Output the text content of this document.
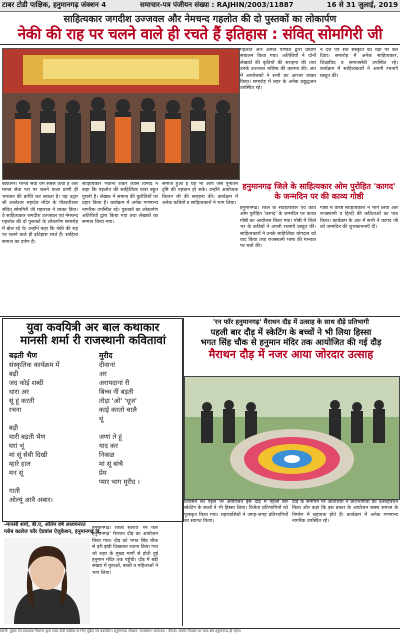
टाबर टोडी पाक्षिक, हनुमानगढ़ जंक्शन 4	समाचार-पत्र पंजीयन संख्या : RAJHIN/2003/11887	16 से 31 जुलाई, 2019
साहित्यकार जगदीश उज्जवल और नेमचन्द गहलोत की दो पुस्तकों का लोकार्पण
नेकी की राह पर चलने वाले ही रचते हैं इतिहास : संवित् सोमगिरी जी
गहलोत और अमित पण्डित द्वारा प्रोग्राम संचालन किया गया। अतिथियों ने दोनों लेखकों की कृतियों की सराहना की तथा उनके उज्ज्वल भविष्य की कामना की। अंत में आयोजकों ने सभी का आभार व्यक्त किया। समारोह में शहर के अनेक प्रबुद्धजन उपस्थित रहे।
ने देश एवं संत संस्कृति की रक्षा पर बल दिया। समारोह में अनेक साहित्यकार, शिक्षाविद व समाजसेवी उपस्थित रहे। कार्यक्रम में साहित्यकारों ने अपनी रचनाएँ प्रस्तुत कीं।
बीकानेर। मानव सेवा धर्म सबसे ऊँचा है और मानव सेवा पथ पर चलने वाला प्राणी ही भगवान की प्राप्ति कर सकता है। यह उद्गार श्री लालेश्वर महादेव मंदिर के पीठाधीश्वर संवित् सोमगिरी जी महाराज ने व्यक्त किए। वे साहित्यकार जगदीश उज्जवल एवं नेमचन्द गहलोत की दो पुस्तकों के लोकार्पण समारोह में बोल रहे थे। उन्होंने कहा कि नेकी की राह पर चलने वाले ही इतिहास रचते हैं। साहित्य समाज का दर्पण है।
साहित्यकार भवानी शंकर व्यास विनोद ने कहा कि पहलोत की साहित्यिक यात्रा बहुत पुरानी है। लेखक ने समाज की कुरीतियों पर प्रहार किया है। कार्यक्रम में अनेक गणमान्य नागरिक उपस्थित रहे। पुस्तकों का लोकार्पण अतिथियों द्वारा किया गया तथा लेखकों का सम्मान किया गया।
समाज हुआ है यह भी आप जैसे पुनीतम दृष्टि की पहचान हो सके। उन्होंने आयोजक किशन जी की सराहना की। कार्यक्रम में अनेक कवियों व साहित्यकारों ने भाग लिया।
हनुमानगढ़ जिले के साहित्यकार ओम पुरोहित 'कागद' के जन्मदिन पर की काव्य गोष्ठी
हनुमानगढ़। जिले के साहित्यकार एवं कवि ओम पुरोहित 'कागद' के जन्मदिन पर काव्य गोष्ठी का आयोजन किया गया। गोष्ठी में जिले भर के कवियों ने अपनी रचनाएँ प्रस्तुत कीं। साहित्यकारों ने उनके साहित्यिक योगदान को याद किया तथा राजस्थानी भाषा की मान्यता पर चर्चा की।
गोष्ठी में वरिष्ठ साहित्यकारों ने भाग लिया और राजस्थानी व हिन्दी की कविताओं का पाठ किया। कार्यक्रम के अंत में सभी ने कागद जी को जन्मदिन की शुभकामनाएँ दीं।
युवा कवयित्री अर बाल कथाकार
मानसी शर्मा री राजस्थानी कवितावां
बढ़ती भैण
संस्कृतिक कार्यक्रम में
बढ़ी
जद कोई शब्दी
धारा अर
सूं हूं करती
रचना

बड़ी
मारी बड़ती भैण
घरां भूं
मां सूं सेवी दिखी
म्हारे हाल
मन सूं

गाती
ओल्यूं आवै अबार।
मुरीद
दीवानां
अर
अरायदानां री
बिच्च नीं बड़ती
तोड़ा 'ओ' 'धूज'
काई करतो चालै
थूं

जणां ते हूं
याद कर
निकळ
मां सूं बांचै
प्रेम
प्यार भाग मुरीद ।
-मानसी शर्मा, बी.ए, अंतिम वर्ष अध्ययनरत
ग्लोब कालेज फॉर ऐडवांस ऐजुकेशन, हनुमानगढ़ जं.
'रन फॉर हनुमानगढ़' मैराथन दौड़ में उत्साह के साथ दौड़े प्रतिभागी
पहली बार दौड़ में स्केटिंग के बच्चों ने भी लिया हिस्सा
भगत सिंह चौक से हनुमान मंदिर तक आयोजित की गई दौड़
मैराथन दौड़ में नजर आया जोरदार उत्साह
हनुमानगढ़। जिला स्तरीय 'रन फॉर हनुमानगढ़' मैराथन दौड़ का आयोजन किया गया। दौड़ को भगत सिंह चौक से हरी झंडी दिखाकर रवाना किया गया जो शहर के मुख्य मार्गों से होती हुई हनुमान मंदिर तक पहुँची। दौड़ में बड़ी संख्या में युवाओं, बच्चों व महिलाओं ने भाग लिया।
प्रशासन की पहल पर आयोजित इस दौड़ में पहली बार स्केटिंग के बच्चों ने भी हिस्सा लिया। विजेता प्रतिभागियों को पुरस्कृत किया गया। शहरवासियों ने जगह-जगह प्रतिभागियों का स्वागत किया।
दौड़ के समापन पर अतिथियों ने प्रतिभागियों का उत्साहवर्धन किया और कहा कि इस प्रकार के आयोजन स्वस्थ समाज के निर्माण में सहायक होते हैं। कार्यक्रम में अनेक गणमान्य नागरिक उपस्थित रहे।
स्वामी, मुद्रक एवं प्रकाशक निशान्त द्वारा टाबर टोडी पाक्षिक के लिए मुद्रित एवं प्रकाशित। हनुमानगढ़ जंक्शन, राजस्थान। सम्पादक : दीपक। समस्त विवादों का न्याय क्षेत्र हनुमानगढ़ ही रहेगा।
